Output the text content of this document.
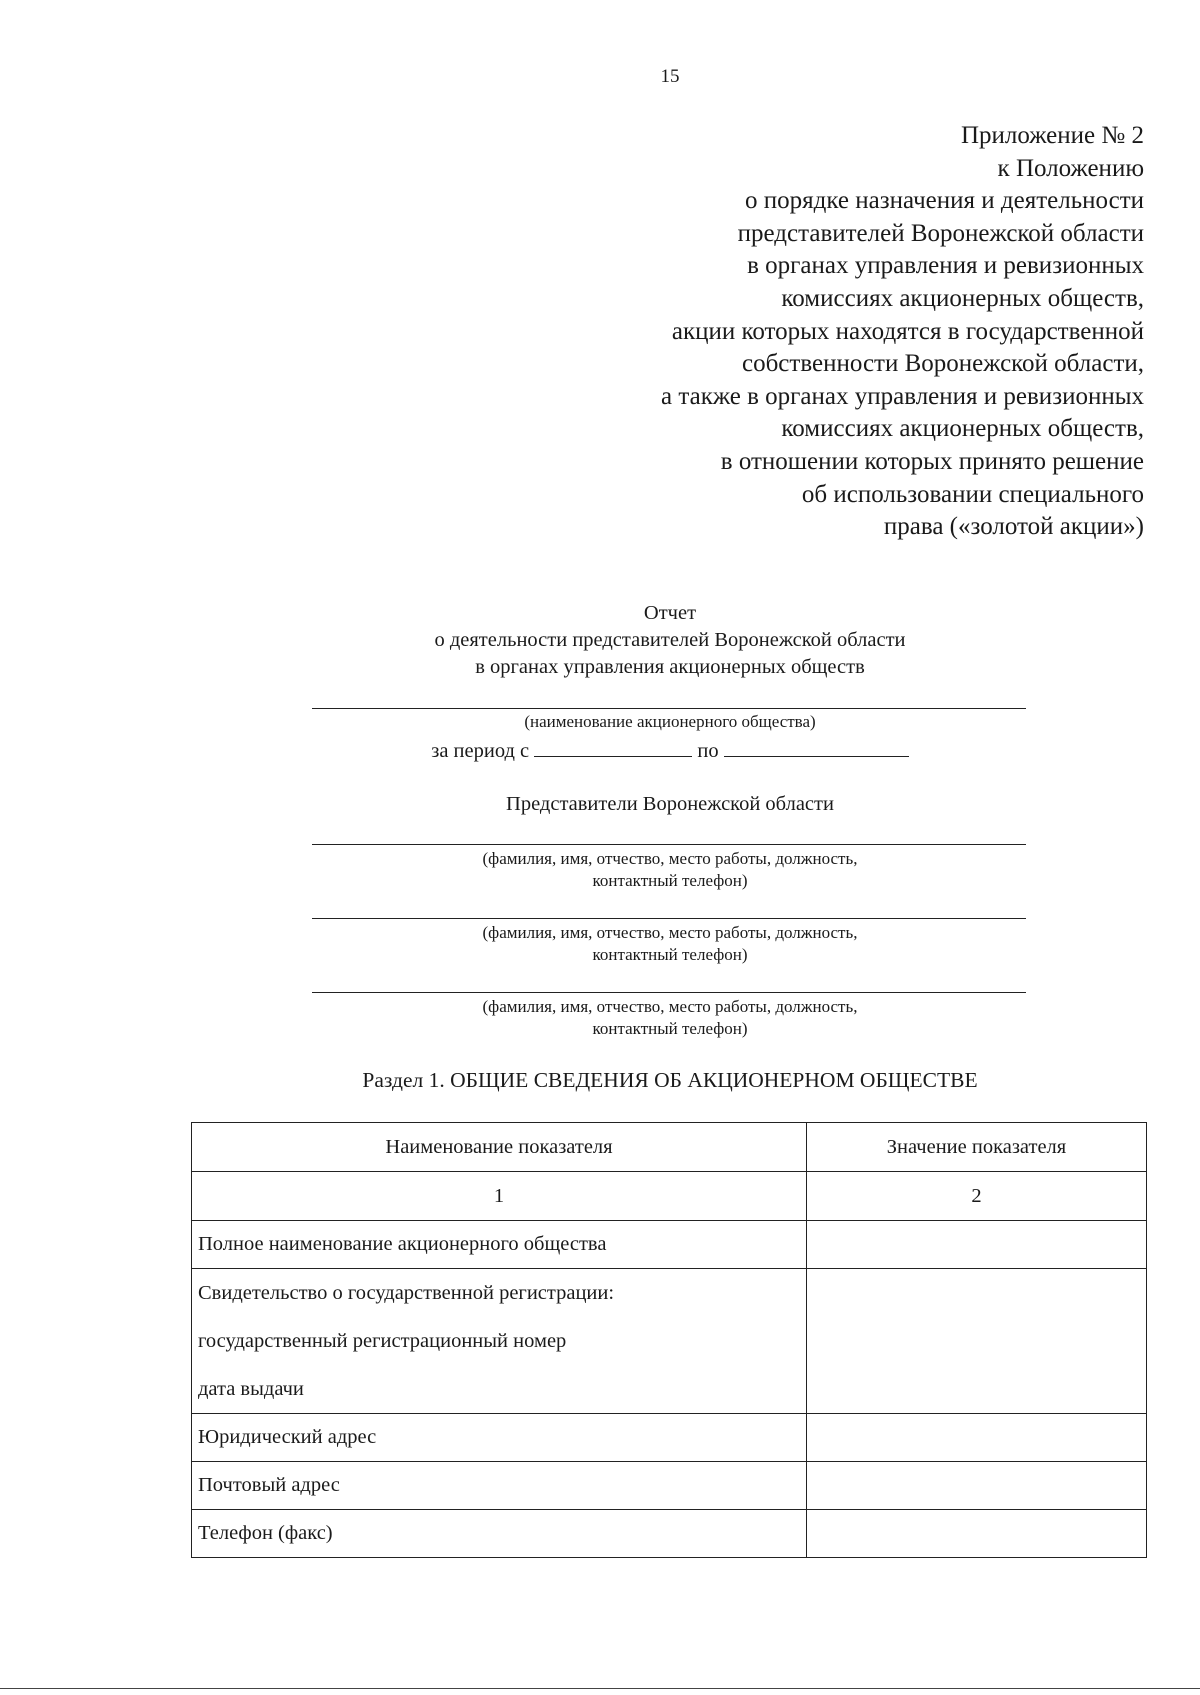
15
Приложение № 2
к Положению
о порядке назначения и деятельности
представителей Воронежской области
в органах управления и ревизионных
комиссиях акционерных обществ,
акции которых находятся в государственной
собственности Воронежской области,
а также в органах управления и ревизионных
комиссиях акционерных обществ,
в отношении которых принято решение
об использовании специального
права («золотой акции»)
Отчет
о деятельности представителей Воронежской области
в органах управления акционерных обществ
(наименование акционерного общества)
за период с	по
Представители Воронежской области
(фамилия, имя, отчество, место работы, должность,
контактный телефон)
(фамилия, имя, отчество, место работы, должность,
контактный телефон)
(фамилия, имя, отчество, место работы, должность,
контактный телефон)
Раздел 1. ОБЩИЕ СВЕДЕНИЯ ОБ АКЦИОНЕРНОМ ОБЩЕСТВЕ
Наименование показателя	Значение показателя
1	2
Полное наименование акционерного общества	

Свидетельство о государственной регистрации:
государственный регистрационный номер
дата выдачи	

Юридический адрес	
Почтовый адрес	
Телефон (факс)	
